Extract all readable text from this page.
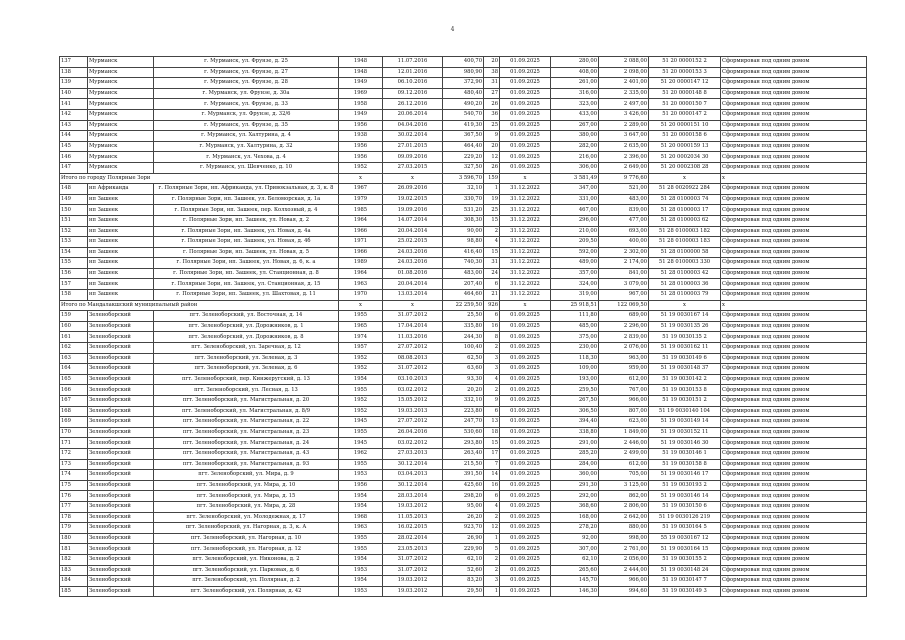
4
137	Мурманск	г. Мурманск, ул. Фрунзе, д. 25	1948	11.07.2016	400,70	20	01.09.2025	280,00	2 088,00	51 20 0000152 2	Сформирован под одним домом
138	Мурманск	г. Мурманск, ул. Фрунзе, д. 27	1948	12.01.2016	980,90	38	01.09.2025	408,00	2 098,00	51 20 0000153 3	Сформирован под одним домом
139	Мурманск	г. Мурманск, ул. Фрунзе, д. 28	1949	06.10.2016	372,90	31	01.09.2025	261,00	2 401,00	51 20 0000147 12	Сформирован под одним домом
140	Мурманск	г. Мурманск, ул. Фрунзе, д. 30а	1969	09.12.2016	480,40	27	01.09.2025	316,00	2 335,00	51 20 0000148 8	Сформирован под одним домом
141	Мурманск	г. Мурманск, ул. Фрунзе, д. 33	1958	26.12.2016	490,20	26	01.09.2025	323,00	2 497,00	51 20 0000150 7	Сформирован под одним домом
142	Мурманск	г. Мурманск, ул. Фрунзе, д. 32/6	1949	20.06.2014	540,70	36	01.09.2025	433,00	3 426,00	51 20 0000147 2	Сформирован под одним домом
143	Мурманск	г. Мурманск, ул. Фрунзе, д. 35	1956	04.04.2016	419,30	25	01.09.2025	267,00	2 289,00	51 20 0000151 10	Сформирован под одним домом
144	Мурманск	г. Мурманск, ул. Халтурина, д. 4	1938	30.02.2014	367,50	9	01.09.2025	380,00	3 647,00	51 20 0000158 6	Сформирован под одним домом
145	Мурманск	г. Мурманск, ул. Халтурина, д. 32	1956	27.01.2015	464,40	20	01.09.2025	282,00	2 635,00	51 20 0000159 13	Сформирован под одним домом
146	Мурманск	г. Мурманск, ул. Чехова, д. 4	1956	09.09.2016	229,20	12	01.09.2025	216,00	2 396,00	51 20 0002034 30	Сформирован под одним домом
147	Мурманск	г. Мурманск, ул. Шевченко, д. 10	1952	27.03.2015	327,50	26	01.09.2025	306,00	2 649,00	51 20 0002308 28	Сформирован под одним домом
Итого по городу Полярные Зори			х	х	3 596,70	159	х	3 581,49	9 776,60	х	х
148	нп Африканда	г. Полярные Зори, нп. Африканда, ул. Привокзальная, д. 3, к. 8	1967	26.09.2016	32,10	1	31.12.2022	347,00	521,00	51 28 0020922 284	Сформирован под одним домом
149	нп Зашеек	г. Полярные Зори, нп. Зашеек, ул. Беломорская, д. 1а	1979	19.02.2015	330,70	19	31.12.2022	331,00	483,00	51 28 0100003 74	Сформирован под одним домом
150	нп Зашеек	г. Полярные Зори, нп. Зашеек, пер. Колхозный, д. 4	1985	19.09.2016	531,20	25	31.12.2022	467,00	839,00	51 28 0100003 17	Сформирован под одним домом
151	нп Зашеек	г. Полярные Зори, нп. Зашеек, ул. Новая, д. 2	1964	14.07.2014	308,30	15	31.12.2022	296,00	477,00	51 28 0100003 62	Сформирован под одним домом
152	нп Зашеек	г. Полярные Зори, нп. Зашеек, ул. Новая, д. 4а	1966	20.04.2014	90,00	2	31.12.2022	210,00	693,00	51 28 0100003 182	Сформирован под одним домом
153	нп Зашеек	г. Полярные Зори, нп. Зашеек, ул. Новая, д. 4б	1971	25.02.2015	98,80	4	31.12.2022	209,50	400,00	51 28 0100003 183	Сформирован под одним домом
154	нп Зашеек	г. Полярные Зори, нп. Зашеек, ул. Новая, д. 5	1966	24.03.2016	416,40	15	31.12.2022	592,00	2 302,00	51 28 0100000 58	Сформирован под одним домом
155	нп Зашеек	г. Полярные Зори, нп. Зашеек, ул. Новая, д. 6, к. а	1989	24.03.2016	740,30	31	31.12.2022	489,00	2 174,00	51 28 0100003 330	Сформирован под одним домом
156	нп Зашеек	г. Полярные Зори, нп. Зашеек, ул. Станционная, д. 8	1964	01.08.2016	483,00	24	31.12.2022	357,00	841,00	51 28 0100003 42	Сформирован под одним домом
157	нп Зашеек	г. Полярные Зори, нп. Зашеек, ул. Станционная, д. 15	1963	20.04.2014	207,40	6	31.12.2022	324,00	3 079,00	51 28 0100003 36	Сформирован под одним домом
158	нп Зашеек	г. Полярные Зори, нп. Зашеек, ул. Шахтовая, д. 11	1970	13.03.2014	464,60	21	31.12.2022	319,00	967,00	51 28 0100003 79	Сформирован под одним домом
Итого по Мандалакшский муниципальный район			х	х	22 259,50	926	х	25 918,51	122 069,50	х	х
159	Зеленоборский	пгт. Зеленоборский, ул. Восточная, д. 14	1955	31.07.2012	25,50	6	01.09.2025	111,80	689,00	51 19 0030167 14	Сформирован под одним домом
160	Зеленоборский	пгт. Зеленоборский, ул. Дорожников, д. 1	1965	17.04.2014	335,80	16	01.09.2025	485,00	2 296,00	51 19 0030135 26	Сформирован под одним домом
161	Зеленоборский	пгт. Зеленоборский, ул. Дорожников, д. 8	1974	11.03.2016	244,30	8	01.09.2025	375,00	2 839,00	51 19 0030135 2	Сформирован под одним домом
162	Зеленоборский	пгт. Зеленоборский, ул. Заречная, д. 12	1957	27.07.2012	100,40	2	01.09.2025	230,00	2 076,00	51 19 0030162 11	Сформирован под одним домом
163	Зеленоборский	пгт. Зеленоборский, ул. Зеленая, д. 3	1952	08.08.2013	62,50	3	01.09.2025	118,30	963,00	51 19 0030149 6	Сформирован под одним домом
164	Зеленоборский	пгт. Зеленоборский, ул. Зеленая, д. 6	1952	31.07.2012	63,60	3	01.09.2025	109,00	959,00	51 19 0030148 37	Сформирован под одним домом
165	Зеленоборский	пгт. Зеленоборский, пер. Кинжеругский, д. 13	1954	03.10.2013	93,30	4	01.09.2025	193,00	612,00	51 19 0030142 2	Сформирован под одним домом
166	Зеленоборский	пгт. Зеленоборский, ул. Лесная, д. 13	1955	03.02.2012	20,20	2	01.09.2025	259,50	767,00	51 19 0030153 8	Сформирован под одним домом
167	Зеленоборский	пгт. Зеленоборский, ул. Магистральная, д. 20	1952	15.05.2012	332,10	9	01.09.2025	267,50	966,00	51 19 0030151 2	Сформирован под одним домом
168	Зеленоборский	пгт. Зеленоборский, ул. Магистральная, д. 8/9	1952	19.03.2013	223,80	6	01.09.2025	306,50	807,00	51 19 0030140 104	Сформирован под одним домом
169	Зеленоборский	пгт. Зеленоборский, ул. Магистральная, д. 22	1945	27.07.2012	247,70	13	01.09.2025	394,40	623,00	51 19 0030149 14	Сформирован под одним домом
170	Зеленоборский	пгт. Зеленоборский, ул. Магистральная, д. 23	1955	26.04.2016	530,60	18	01.09.2025	338,80	1 849,00	51 19 0030152 11	Сформирован под одним домом
171	Зеленоборский	пгт. Зеленоборский, ул. Магистральная, д. 24	1945	03.02.2012	293,80	15	01.09.2025	291,00	2 446,00	51 19 0030146 30	Сформирован под одним домом
172	Зеленоборский	пгт. Зеленоборский, ул. Магистральная, д. 43	1962	27.03.2013	263,40	17	01.09.2025	285,20	2 499,00	51 19 0030146 1	Сформирован под одним домом
173	Зеленоборский	пгт. Зеленоборский, ул. Магистральная, д. 93	1955	30.12.2014	215,50	7	01.09.2025	284,00	612,00	51 19 0030158 8	Сформирован под одним домом
174	Зеленоборский	пгт. Зеленоборский, ул. Мира, д. 9	1953	03.04.2013	391,50	14	01.09.2025	360,00	705,00	51 19 0030146 17	Сформирован под одним домом
175	Зеленоборский	пгт. Зеленоборский, ул. Мира, д. 10	1956	30.12.2014	425,60	16	01.09.2025	291,30	3 125,00	51 19 0030193 2	Сформирован под одним домом
176	Зеленоборский	пгт. Зеленоборский, ул. Мира, д. 15	1954	28.03.2014	298,20	6	01.09.2025	292,00	862,00	51 19 0030146 14	Сформирован под одним домом
177	Зеленоборский	пгт. Зеленоборский, ул. Мира, д. 28	1954	19.03.2012	95,00	4	01.09.2025	368,60	2 806,00	51 19 0030150 6	Сформирован под одним домом
178	Зеленоборский	пгт. Зеленоборский, ул. Молодежная, д. 17	1968	11.05.2013	26,20	2	01.09.2025	168,00	2 642,00	51 19 0030126 219	Сформирован под одним домом
179	Зеленоборский	пгт. Зеленоборский, ул. Нагорная, д. 3, к. А	1963	16.02.2015	923,70	12	01.09.2025	278,20	880,00	51 19 0030164 5	Сформирован под одним домом
180	Зеленоборский	пгт. Зеленоборский, ул. Нагорная, д. 10	1955	28.02.2014	26,90	1	01.09.2025	92,00	998,00	55 19 0030167 12	Сформирован под одним домом
181	Зеленоборский	пгт. Зеленоборский, ул. Нагорная, д. 12	1955	23.05.2013	229,90	5	01.09.2025	307,00	2 761,00	51 19 0030164 15	Сформирован под одним домом
182	Зеленоборский	пгт. Зеленоборский, ул. Никонова, д. 2	1954	31.07.2012	62,10	2	01.09.2025	62,10	2 056,00	51 19 0030155 2	Сформирован под одним домом
183	Зеленоборский	пгт. Зеленоборский, ул. Парковая, д. 6	1953	31.07.2012	52,60	2	01.09.2025	265,60	2 444,00	51 19 0030148 24	Сформирован под одним домом
184	Зеленоборский	пгт. Зеленоборский, ул. Полярная, д. 2	1954	19.03.2012	83,20	3	01.09.2025	145,70	966,00	51 19 0030147 7	Сформирован под одним домом
185	Зеленоборский	пгт. Зеленоборский, ул. Полярная, д. 42	1953	19.03.2012	29,50	1	01.09.2025	146,30	994,60	51 19 0030149 3	Сформирован под одним домом
